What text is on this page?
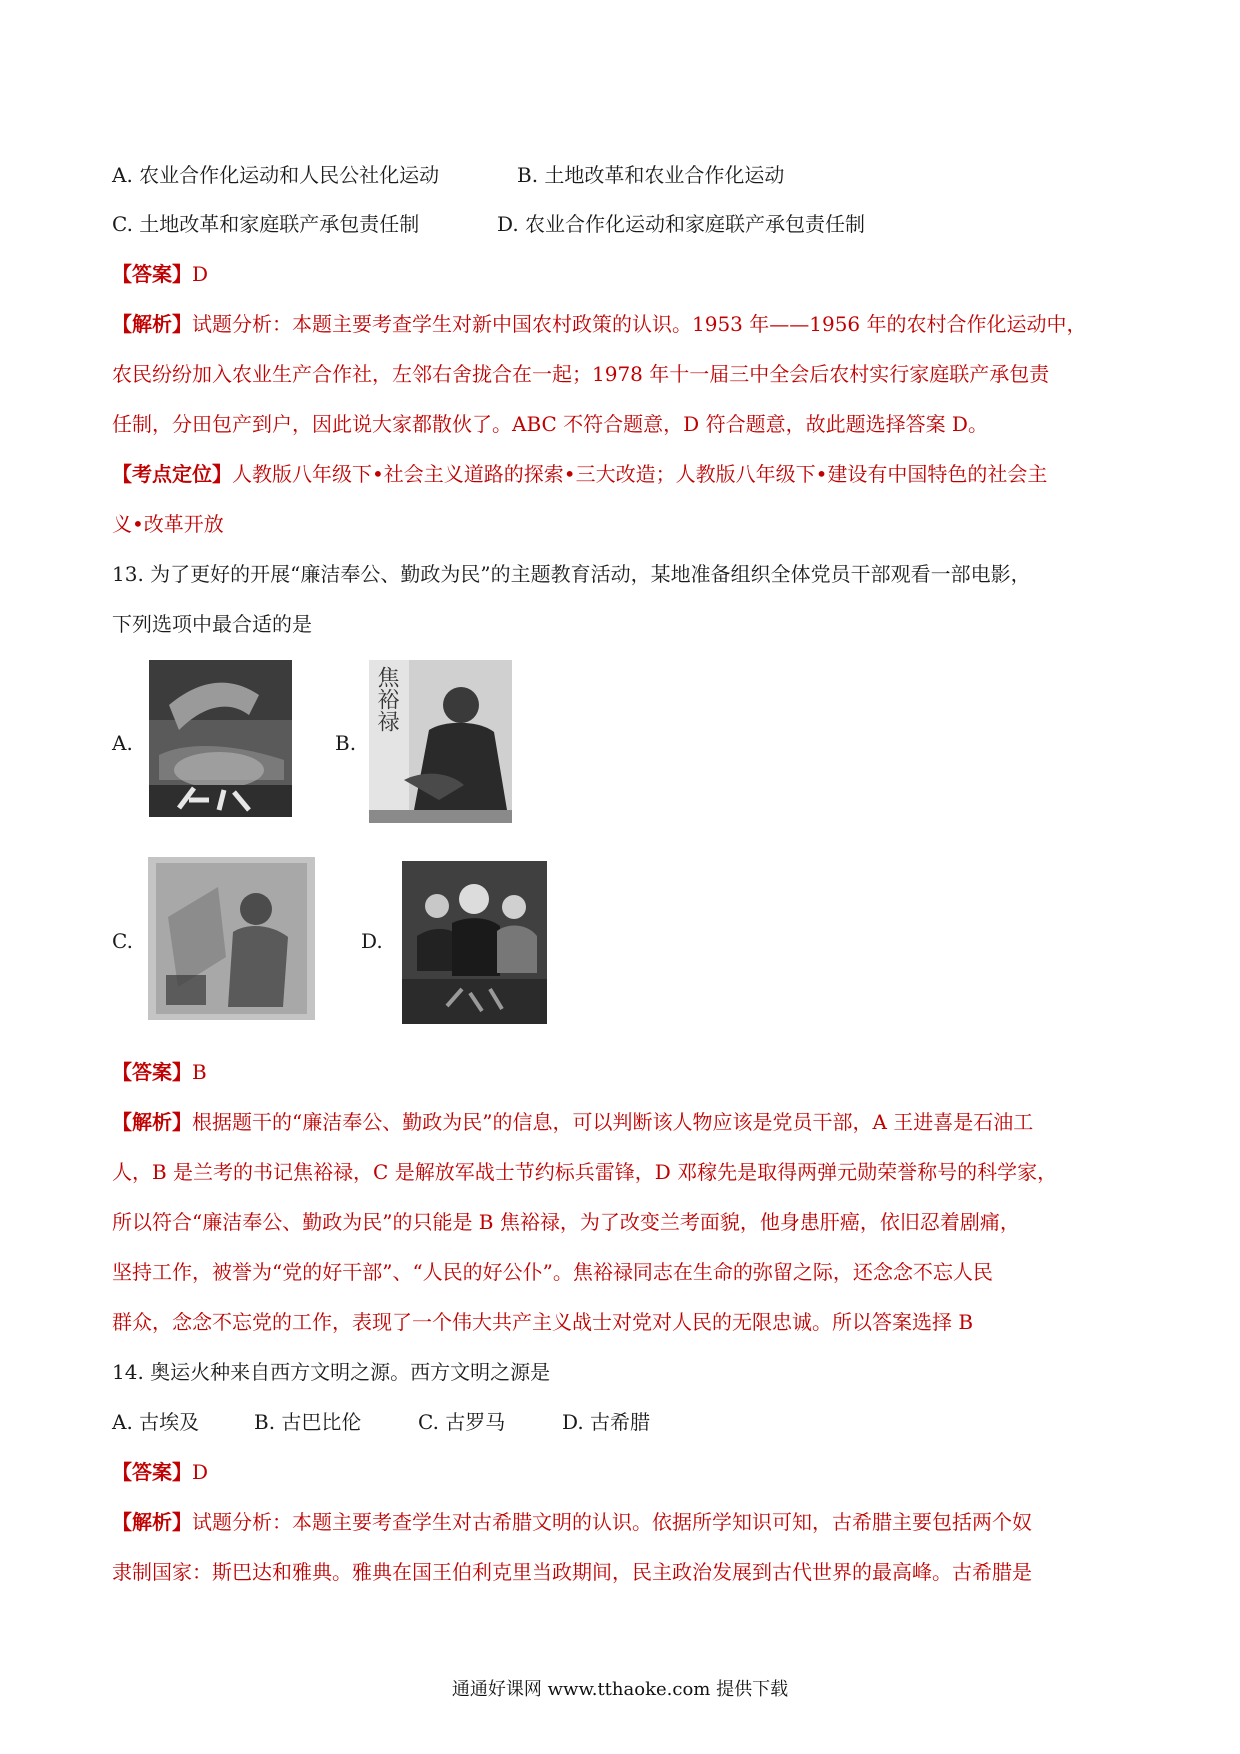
A. 农业合作化运动和人民公社化运动	B. 土地改革和农业合作化运动
C. 土地改革和家庭联产承包责任制	D. 农业合作化运动和家庭联产承包责任制
【答案】D
【解析】试题分析：本题主要考查学生对新中国农村政策的认识。1953 年——1956 年的农村合作化运动中，
农民纷纷加入农业生产合作社，左邻右舍拢合在一起；1978 年十一届三中全会后农村实行家庭联产承包责
任制，分田包产到户，因此说大家都散伙了。ABC 不符合题意，D 符合题意，故此题选择答案 D。
【考点定位】人教版八年级下•社会主义道路的探索•三大改造；人教版八年级下•建设有中国特色的社会主
义•改革开放
13. 为了更好的开展“廉洁奉公、勤政为民”的主题教育活动，某地准备组织全体党员干部观看一部电影，
下列选项中最合适的是
A.	B.
焦裕禄
C.	D.
【答案】B
【解析】根据题干的“廉洁奉公、勤政为民”的信息，可以判断该人物应该是党员干部，A 王进喜是石油工
人，B 是兰考的书记焦裕禄，C 是解放军战士节约标兵雷锋，D 邓稼先是取得两弹元勋荣誉称号的科学家，
所以符合“廉洁奉公、勤政为民”的只能是 B 焦裕禄，为了改变兰考面貌，他身患肝癌，依旧忍着剧痛，
坚持工作，被誉为“党的好干部”、“人民的好公仆”。焦裕禄同志在生命的弥留之际，还念念不忘人民
群众，念念不忘党的工作，表现了一个伟大共产主义战士对党对人民的无限忠诚。所以答案选择 B
14. 奥运火种来自西方文明之源。西方文明之源是
A. 古埃及	B. 古巴比伦	C. 古罗马	D. 古希腊
【答案】D
【解析】试题分析：本题主要考查学生对古希腊文明的认识。依据所学知识可知，古希腊主要包括两个奴
隶制国家：斯巴达和雅典。雅典在国王伯利克里当政期间，民主政治发展到古代世界的最高峰。古希腊是
通通好课网 www.tthaoke.com 提供下载
